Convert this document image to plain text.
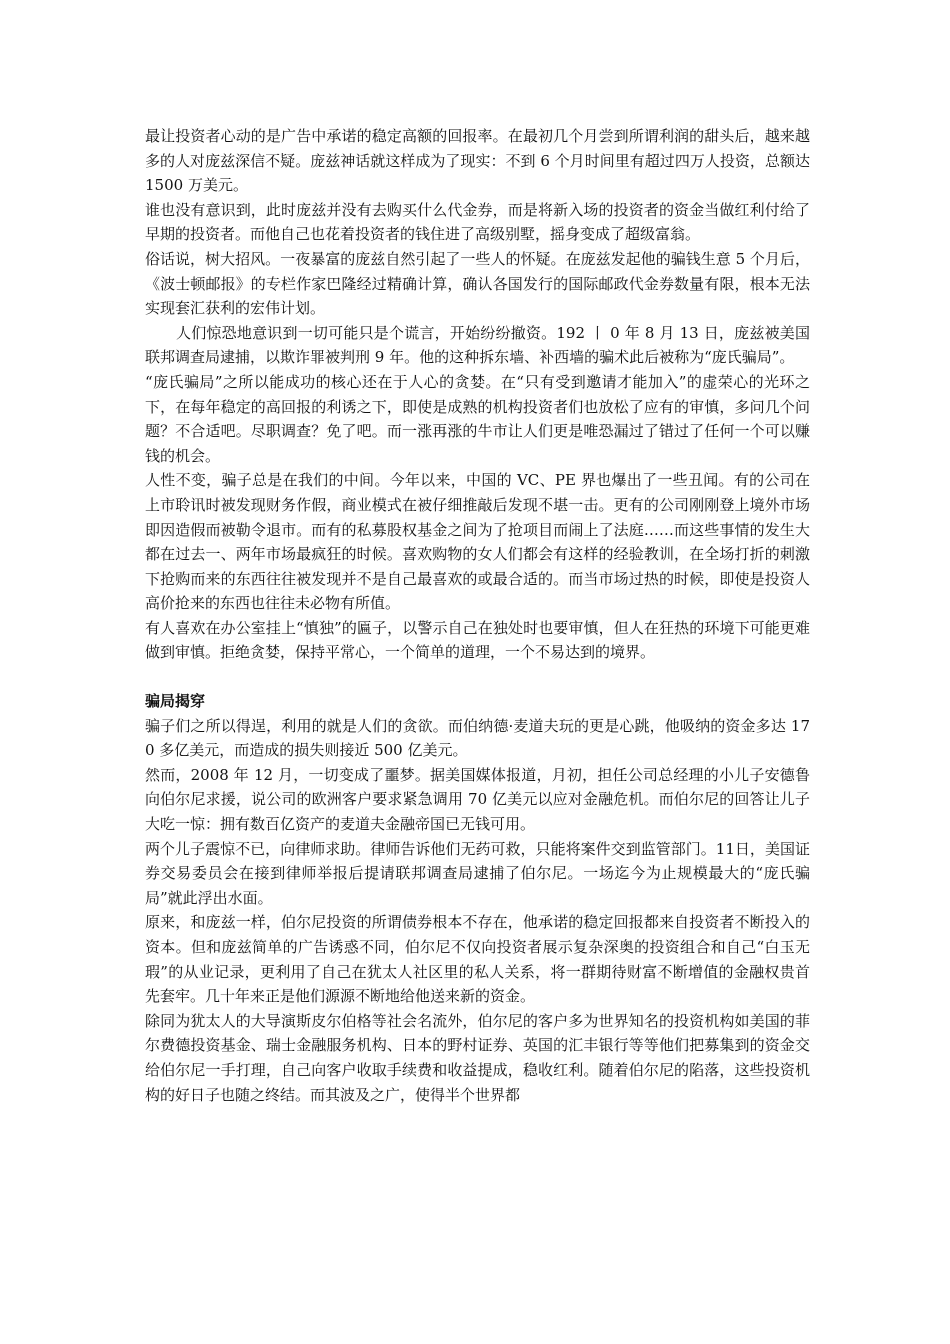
最让投资者心动的是广告中承诺的稳定高额的回报率。在最初几个月尝到所谓利润的甜头后，越来越多的人对庞兹深信不疑。庞兹神话就这样成为了现实：不到 6 个月时间里有超过四万人投资，总额达 1500 万美元。

谁也没有意识到，此时庞兹并没有去购买什么代金券，而是将新入场的投资者的资金当做红利付给了早期的投资者。而他自己也花着投资者的钱住进了高级别墅，摇身变成了超级富翁。

俗话说，树大招风。一夜暴富的庞兹自然引起了一些人的怀疑。在庞兹发起他的骗钱生意 5 个月后，《波士顿邮报》的专栏作家巴隆经过精确计算，确认各国发行的国际邮政代金券数量有限，根本无法实现套汇获利的宏伟计划。

人们惊恐地意识到一切可能只是个谎言，开始纷纷撤资。192 丨 0 年 8 月 13 日，庞兹被美国联邦调查局逮捕，以欺诈罪被判刑 9 年。他的这种拆东墙、补西墙的骗术此后被称为“庞氏骗局”。

“庞氏骗局”之所以能成功的核心还在于人心的贪婪。在“只有受到邀请才能加入”的虚荣心的光环之下，在每年稳定的高回报的利诱之下，即使是成熟的机构投资者们也放松了应有的审慎，多问几个问题？不合适吧。尽职调查？免了吧。而一涨再涨的牛市让人们更是唯恐漏过了错过了任何一个可以赚钱的机会。

人性不变，骗子总是在我们的中间。今年以来，中国的 VC、PE 界也爆出了一些丑闻。有的公司在上市聆讯时被发现财务作假，商业模式在被仔细推敲后发现不堪一击。更有的公司刚刚登上境外市场即因造假而被勒令退市。而有的私募股权基金之间为了抢项目而闹上了法庭……而这些事情的发生大都在过去一、两年市场最疯狂的时候。喜欢购物的女人们都会有这样的经验教训，在全场打折的刺激下抢购而来的东西往往被发现并不是自己最喜欢的或最合适的。而当市场过热的时候，即使是投资人高价抢来的东西也往往未必物有所值。

有人喜欢在办公室挂上“慎独”的匾子，以警示自己在独处时也要审慎，但人在狂热的环境下可能更难做到审慎。拒绝贪婪，保持平常心，一个简单的道理，一个不易达到的境界。

骗局揭穿

骗子们之所以得逞，利用的就是人们的贪欲。而伯纳德·麦道夫玩的更是心跳，他吸纳的资金多达 170 多亿美元，而造成的损失则接近 500 亿美元。

然而，2008 年 12 月，一切变成了噩梦。据美国媒体报道，月初，担任公司总经理的小儿子安德鲁向伯尔尼求援，说公司的欧洲客户要求紧急调用 70 亿美元以应对金融危机。而伯尔尼的回答让儿子大吃一惊：拥有数百亿资产的麦道夫金融帝国已无钱可用。

两个儿子震惊不已，向律师求助。律师告诉他们无药可救，只能将案件交到监管部门。11日，美国证券交易委员会在接到律师举报后提请联邦调查局逮捕了伯尔尼。一场迄今为止规模最大的“庞氏骗局”就此浮出水面。

原来，和庞兹一样，伯尔尼投资的所谓债券根本不存在，他承诺的稳定回报都来自投资者不断投入的资本。但和庞兹简单的广告诱惑不同，伯尔尼不仅向投资者展示复杂深奥的投资组合和自己“白玉无瑕”的从业记录，更利用了自己在犹太人社区里的私人关系，将一群期待财富不断增值的金融权贵首先套牢。几十年来正是他们源源不断地给他送来新的资金。

除同为犹太人的大导演斯皮尔伯格等社会名流外，伯尔尼的客户多为世界知名的投资机构如美国的菲尔费德投资基金、瑞士金融服务机构、日本的野村证券、英国的汇丰银行等等他们把募集到的资金交给伯尔尼一手打理，自己向客户收取手续费和收益提成，稳收红利。随着伯尔尼的陷落，这些投资机构的好日子也随之终结。而其波及之广，使得半个世界都
